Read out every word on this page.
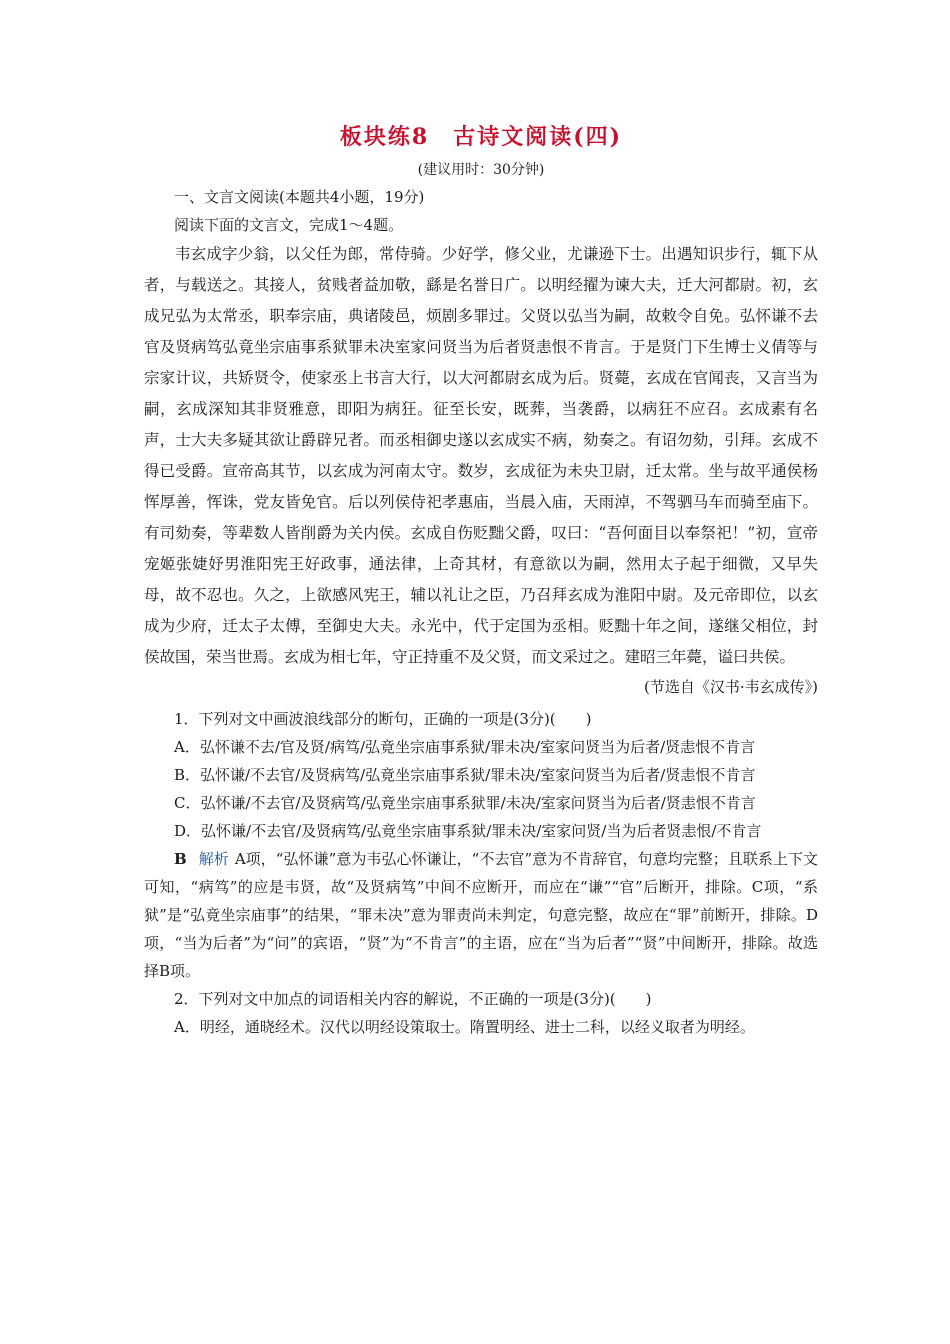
板块练8　古诗文阅读(四)
(建议用时：30分钟)

一、文言文阅读(本题共4小题，19分)

阅读下面的文言文，完成1～4题。

韦玄成字少翁，以父任为郎，常侍骑。少好学，修父业，尤谦逊下士。出遇知识步行，辄下从者，与载送之。其接人，贫贱者益加敬，繇是名誉日广。以明经擢为谏大夫，迁大河都尉。初，玄成兄弘为太常丞，职奉宗庙，典诸陵邑，烦剧多罪过。父贤以弘当为嗣，故敕令自免。弘怀谦不去官及贤病笃弘竟坐宗庙事系狱罪未决室家问贤当为后者贤恚恨不肯言。于是贤门下生博士义倩等与宗家计议，共矫贤令，使家丞上书言大行，以大河都尉玄成为后。贤薨，玄成在官闻丧，又言当为嗣，玄成深知其非贤雅意，即阳为病狂。征至长安，既葬，当袭爵，以病狂不应召。玄成素有名声，士大夫多疑其欲让爵辟兄者。而丞相御史遂以玄成实不病，劾奏之。有诏勿劾，引拜。玄成不得已受爵。宣帝高其节，以玄成为河南太守。数岁，玄成征为未央卫尉，迁太常。坐与故平通侯杨恽厚善，恽诛，党友皆免官。后以列侯侍祀孝惠庙，当晨入庙，天雨淖，不驾驷马车而骑至庙下。有司劾奏，等辈数人皆削爵为关内侯。玄成自伤贬黜父爵，叹曰：“吾何面目以奉祭祀！”初，宣帝宠姬张婕妤男淮阳宪王好政事，通法律，上奇其材，有意欲以为嗣，然用太子起于细微，又早失母，故不忍也。久之，上欲感风宪王，辅以礼让之臣，乃召拜玄成为淮阳中尉。及元帝即位，以玄成为少府，迁太子太傅，至御史大夫。永光中，代于定国为丞相。贬黜十年之间，遂继父相位，封侯故国，荣当世焉。玄成为相七年，守正持重不及父贤，而文采过之。建昭三年薨，谥曰共侯。

(节选自《汉书·韦玄成传》)

1．下列对文中画波浪线部分的断句，正确的一项是(3分)(　　)

A．弘怀谦不去/官及贤/病笃/弘竟坐宗庙事系狱/罪未决/室家问贤当为后者/贤恚恨不肯言

B．弘怀谦/不去官/及贤病笃/弘竟坐宗庙事系狱/罪未决/室家问贤当为后者/贤恚恨不肯言

C．弘怀谦/不去官/及贤病笃/弘竟坐宗庙事系狱罪/未决/室家问贤当为后者/贤恚恨不肯言

D．弘怀谦/不去官/及贤病笃/弘竟坐宗庙事系狱/罪未决/室家问贤/当为后者贤恚恨/不肯言

B 解析 A项，“弘怀谦”意为韦弘心怀谦让，“不去官”意为不肯辞官，句意均完整；且联系上下文可知，“病笃”的应是韦贤，故“及贤病笃”中间不应断开，而应在“谦”“官”后断开，排除。C项，“系狱”是“弘竟坐宗庙事”的结果，“罪未决”意为罪责尚未判定，句意完整，故应在“罪”前断开，排除。D项，“当为后者”为“问”的宾语，“贤”为“不肯言”的主语，应在“当为后者”“贤”中间断开，排除。故选择B项。

2．下列对文中加点的词语相关内容的解说，不正确的一项是(3分)(　　)

A．明经，通晓经术。汉代以明经设策取士。隋置明经、进士二科，以经义取者为明经。
